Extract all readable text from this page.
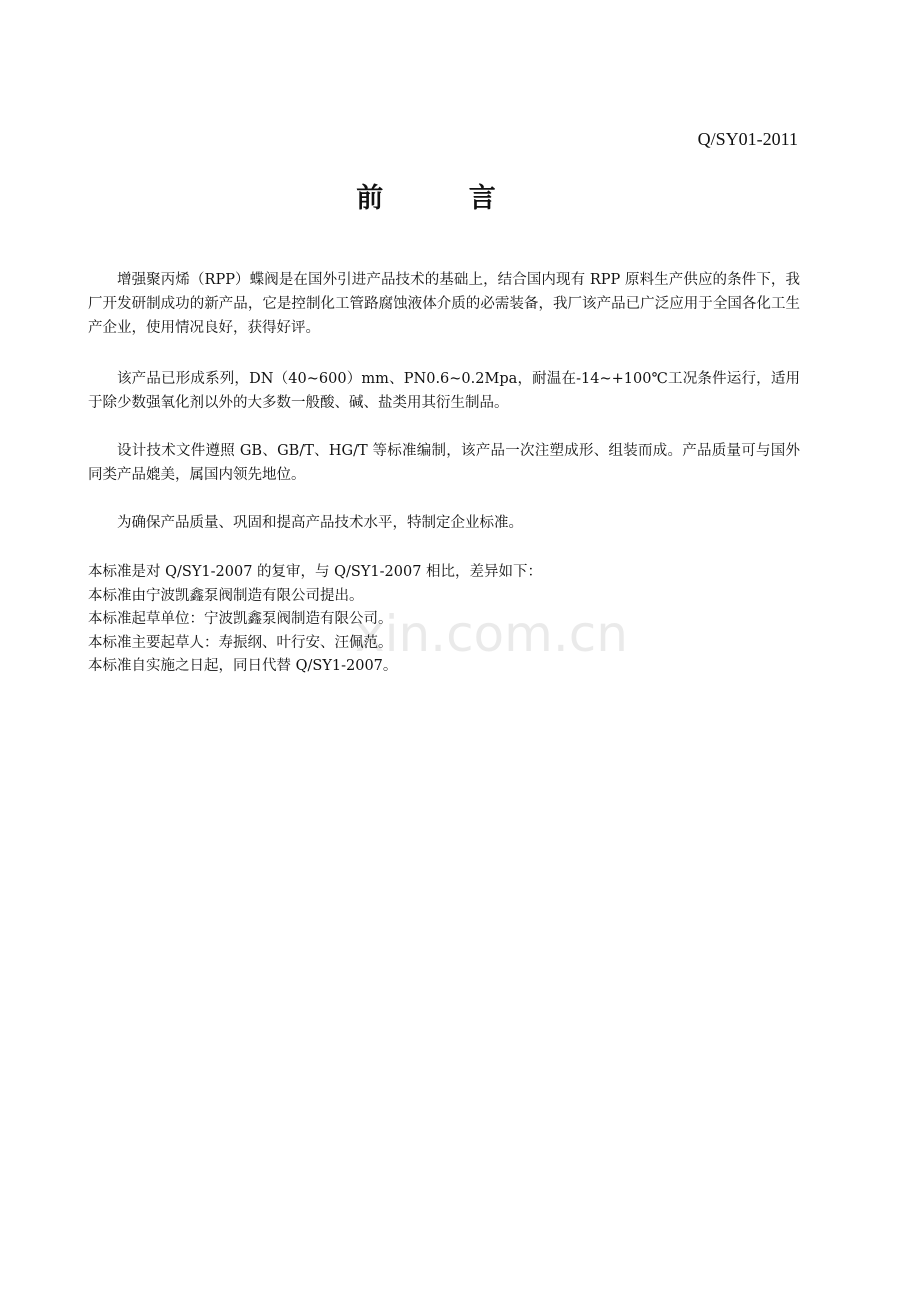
Q/SY01-2011
前 言

增强聚丙烯（RPP）蝶阀是在国外引进产品技术的基础上，结合国内现有 RPP 原料生产供应的条件下，我厂开发研制成功的新产品，它是控制化工管路腐蚀液体介质的必需装备，我厂该产品已广泛应用于全国各化工生产企业，使用情况良好，获得好评。

该产品已形成系列，DN（40~600）mm、PN0.6~0.2Mpa，耐温在-14~+100℃工况条件运行，适用于除少数强氧化剂以外的大多数一般酸、碱、盐类用其衍生制品。

设计技术文件遵照 GB、GB/T、HG/T 等标准编制，该产品一次注塑成形、组装而成。产品质量可与国外同类产品媲美，属国内领先地位。

为确保产品质量、巩固和提高产品技术水平，特制定企业标准。

本标准是对 Q/SY1-2007 的复审，与 Q/SY1-2007 相比，差异如下：
本标准由宁波凯鑫泵阀制造有限公司提出。
本标准起草单位：宁波凯鑫泵阀制造有限公司。
本标准主要起草人：寿振纲、叶行安、汪佩范。
本标准自实施之日起，同日代替 Q/SY1-2007。
xin.com.cn
